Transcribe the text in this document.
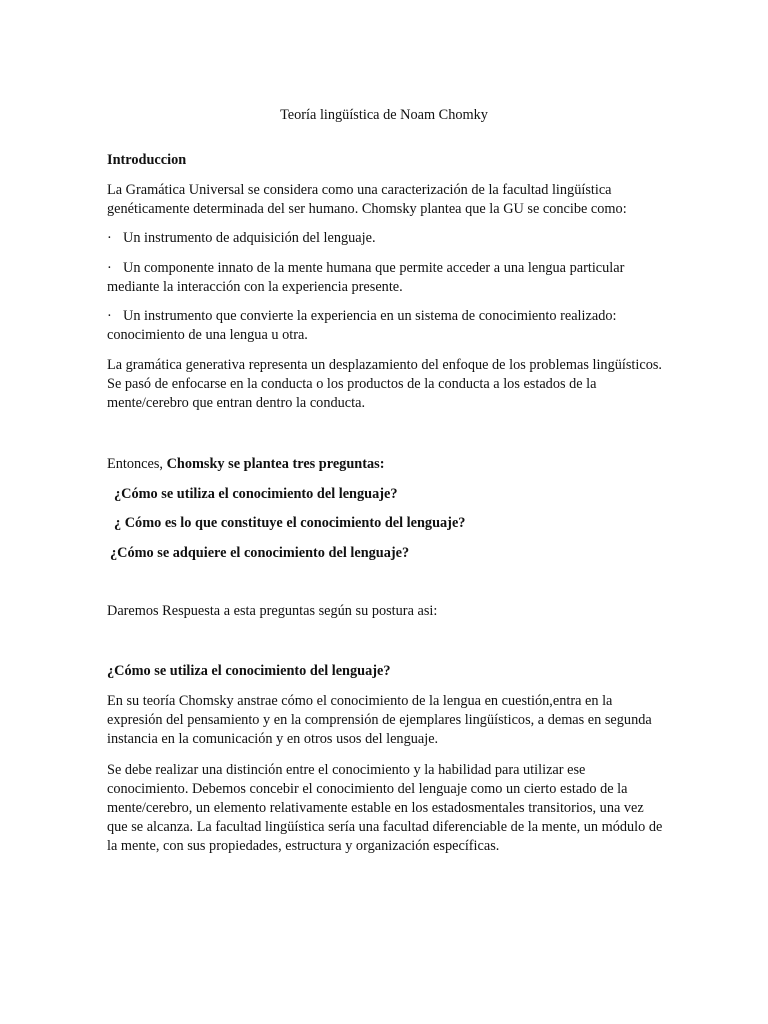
Teoría lingüística de Noam Chomky

Introduccion

La Gramática Universal se considera como una caracterización de la facultad lingüística genéticamente determinada del ser humano. Chomsky plantea que la GU se concibe como:

· Un instrumento de adquisición del lenguaje.

· Un componente innato de la mente humana que permite acceder a una lengua particular mediante la interacción con la experiencia presente.

· Un instrumento que convierte la experiencia en un sistema de conocimiento realizado: conocimiento de una lengua u otra.

La gramática generativa representa un desplazamiento del enfoque de los problemas lingüísticos. Se pasó de enfocarse en la conducta o los productos de la conducta a los estados de la mente/cerebro que entran dentro la conducta.

Entonces, Chomsky se plantea tres preguntas:

¿Cómo se utiliza el conocimiento del lenguaje?

¿ Cómo es lo que constituye el conocimiento del lenguaje?

¿Cómo se adquiere el conocimiento del lenguaje?

Daremos Respuesta a esta preguntas según su postura asi:

¿Cómo se utiliza el conocimiento del lenguaje?

En su teoría Chomsky anstrae cómo el conocimiento de la lengua en cuestión,entra en la expresión del pensamiento y en la comprensión de ejemplares lingüísticos, a demas en segunda instancia en la comunicación y en otros usos del lenguaje.

Se debe realizar una distinción entre el conocimiento y la habilidad para utilizar ese conocimiento. Debemos concebir el conocimiento del lenguaje como un cierto estado de la mente/cerebro, un elemento relativamente estable en los estadosmentales transitorios, una vez que se alcanza. La facultad lingüística sería una facultad diferenciable de la mente, un módulo de la mente, con sus propiedades, estructura y organización específicas.
